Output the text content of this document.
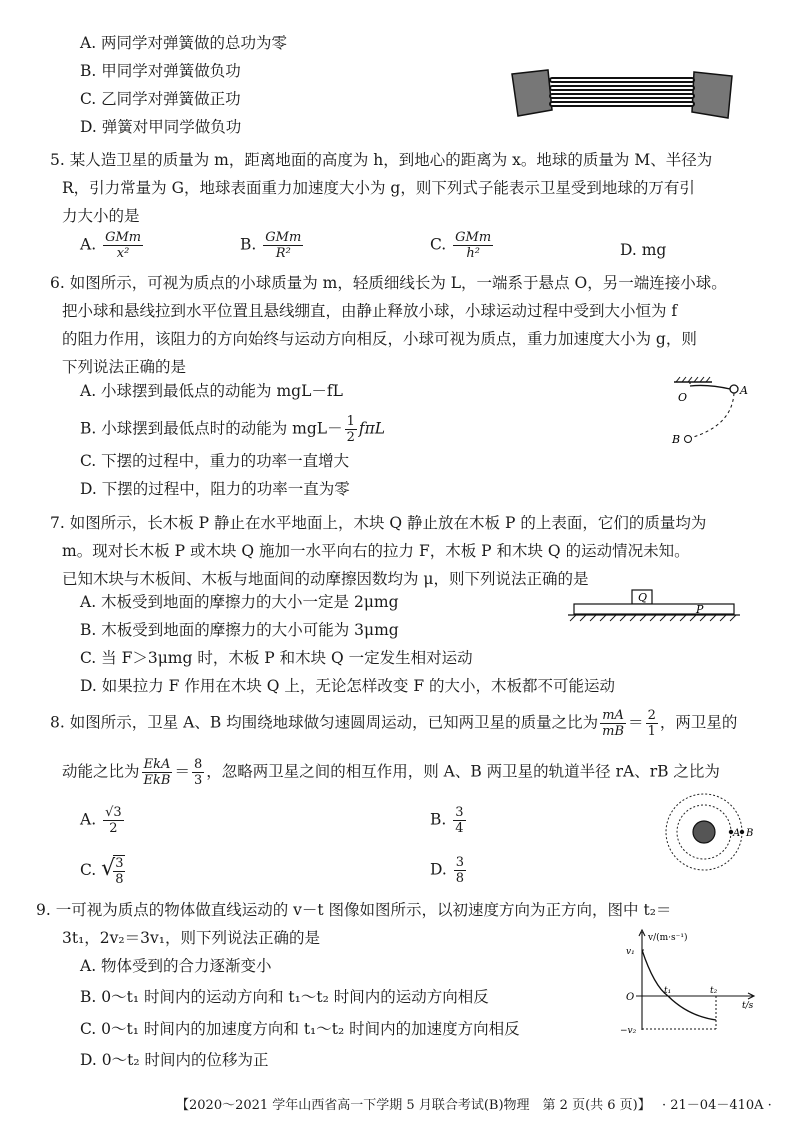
A. 两同学对弹簧做的总功为零
B. 甲同学对弹簧做负功
C. 乙同学对弹簧做正功
D. 弹簧对甲同学做负功
5. 某人造卫星的质量为 m，距离地面的高度为 h，到地心的距离为 x。地球的质量为 M、半径为
R，引力常量为 G，地球表面重力加速度大小为 g，则下列式子能表示卫星受到地球的万有引
力大小的是
A. $\frac{\text{GMm}}{\text{x²}}$	B. $\frac{\text{GMm}}{\text{R²}}$	C. $\frac{\text{GMm}}{\text{h²}}$	D. mg
6. 如图所示，可视为质点的小球质量为 m，轻质细线长为 L，一端系于悬点 O，另一端连接小球。
把小球和悬线拉到水平位置且悬线绷直，由静止释放小球，小球运动过程中受到大小恒为 f
的阻力作用，该阻力的方向始终与运动方向相反，小球可视为质点，重力加速度大小为 g，则
下列说法正确的是
A. 小球摆到最低点的动能为 mgL－fL
B. 小球摆到最低点时的动能为 $mgL- \frac{1}{2}$ fπL
C. 下摆的过程中，重力的功率一直增大
D. 下摆的过程中，阻力的功率一直为零
O
A
B
7. 如图所示，长木板 P 静止在水平地面上，木块 Q 静止放在木板 P 的上表面，它们的质量均为
m。现对长木板 P 或木块 Q 施加一水平向右的拉力 F，木板 P 和木块 Q 的运动情况未知。
已知木块与木板间、木板与地面间的动摩擦因数均为 μ，则下列说法正确的是
A. 木板受到地面的摩擦力的大小一定是 2μmg
B. 木板受到地面的摩擦力的大小可能为 3μmg
C. 当 F＞3μmg 时，木板 P 和木块 Q 一定发生相对运动
D. 如果拉力 F 作用在木块 Q 上，无论怎样改变 F 的大小，木板都不可能运动
Q
P
8. 如图所示，卫星 A、B 均围绕地球做匀速圆周运动，已知两卫星的质量之比为 $\frac{mA}{mB} = \frac{2}{1}$ ，两卫星的
动能之比为 $\frac{\text{EkA}}{\text{EkB}} = \frac{8}{3}$ ，忽略两卫星之间的相互作用，则 A、B 两卫星的轨道半径 rA、rB 之比为
A. $\frac{√3}{2}$	B. $\frac{3}{4}$
C. √
$\frac{3}{8}$	D. $\frac{3}{8}$
A B
9. 一可视为质点的物体做直线运动的 v－t 图像如图所示，以初速度方向为正方向，图中 t₂＝
3t₁，2v₂＝3v₁，则下列说法正确的是
A. 物体受到的合力逐渐变小
B. 0～t₁ 时间内的运动方向和 t₁～t₂ 时间内的运动方向相反
C. 0～t₁ 时间内的加速度方向和 t₁～t₂ 时间内的加速度方向相反
D. 0～t₂ 时间内的位移为正
v/(m·s⁻¹)
v₁
O
t₁	t₂
t/s
−v₂
【2020～2021 学年山西省高一下学期 5 月联合考试(B)物理　第 2 页(共 6 页)】 · 21－04－410A ·
